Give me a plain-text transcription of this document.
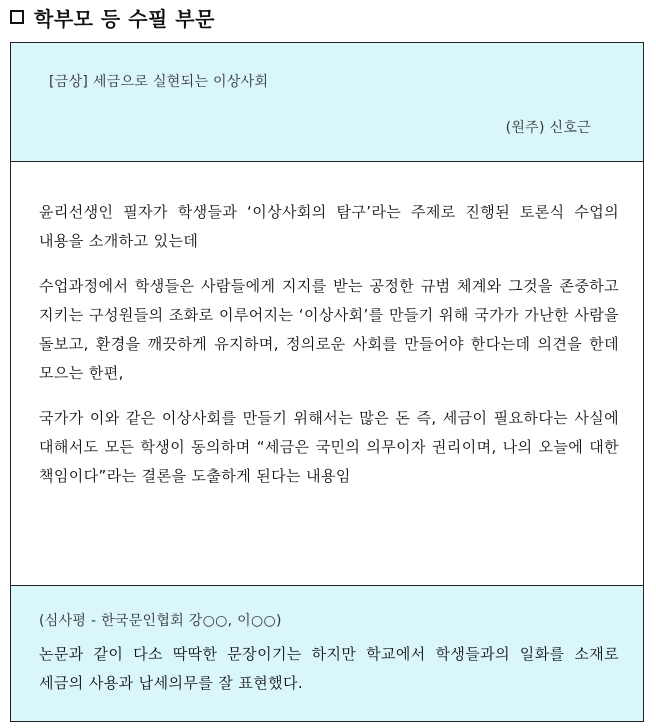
학부모 등 수필 부문
[금상] 세금으로 실현되는 이상사회
(원주) 신호근

윤리선생인 필자가 학생들과 ‘이상사회의 탐구’라는 주제로 진행된 토론식 수업의 내용을 소개하고 있는데

수업과정에서 학생들은 사람들에게 지지를 받는 공정한 규범 체계와 그것을 존중하고 지키는 구성원들의 조화로 이루어지는 ‘이상사회’를 만들기 위해 국가가 가난한 사람을 돌보고, 환경을 깨끗하게 유지하며, 정의로운 사회를 만들어야 한다는데 의견을 한데 모으는 한편,

국가가 이와 같은 이상사회를 만들기 위해서는 많은 돈 즉, 세금이 필요하다는 사실에 대해서도 모든 학생이 동의하며 “세금은 국민의 의무이자 권리이며, 나의 오늘에 대한 책임이다”라는 결론을 도출하게 된다는 내용임

(심사평 - 한국문인협회 강○○, 이○○)

논문과 같이 다소 딱딱한 문장이기는 하지만 학교에서 학생들과의 일화를 소재로 세금의 사용과 납세의무를 잘 표현했다.
